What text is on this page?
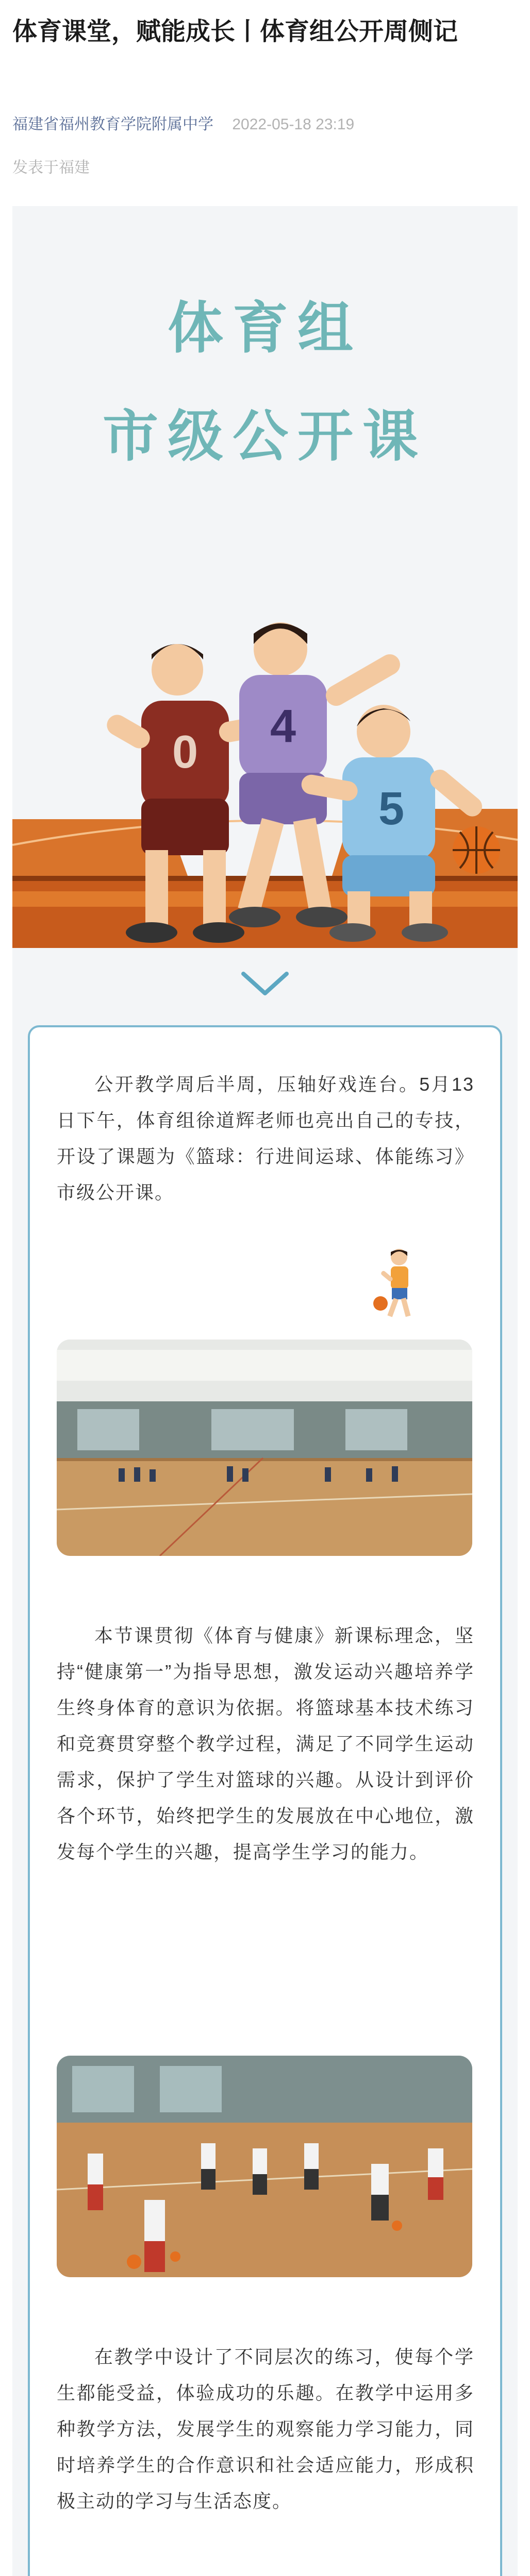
体育课堂，赋能成长丨体育组公开周侧记
福建省福州教育学院附属中学 2022-05-18 23:19
发表于福建
体育组
市级公开课
0 4
5
公开教学周后半周，压轴好戏连台。5月13日下午，体育组徐道辉老师也亮出自己的专技，开设了课题为《篮球：行进间运球、体能练习》市级公开课。
本节课贯彻《体育与健康》新课标理念，坚持“健康第一”为指导思想，激发运动兴趣培养学生终身体育的意识为依据。将篮球基本技术练习和竞赛贯穿整个教学过程，满足了不同学生运动需求，保护了学生对篮球的兴趣。从设计到评价各个环节，始终把学生的发展放在中心地位，激发每个学生的兴趣，提高学生学习的能力。
在教学中设计了不同层次的练习，使每个学生都能受益，体验成功的乐趣。在教学中运用多种教学方法，发展学生的观察能力学习能力，同时培养学生的合作意识和社会适应能力，形成积极主动的学习与生活态度。
